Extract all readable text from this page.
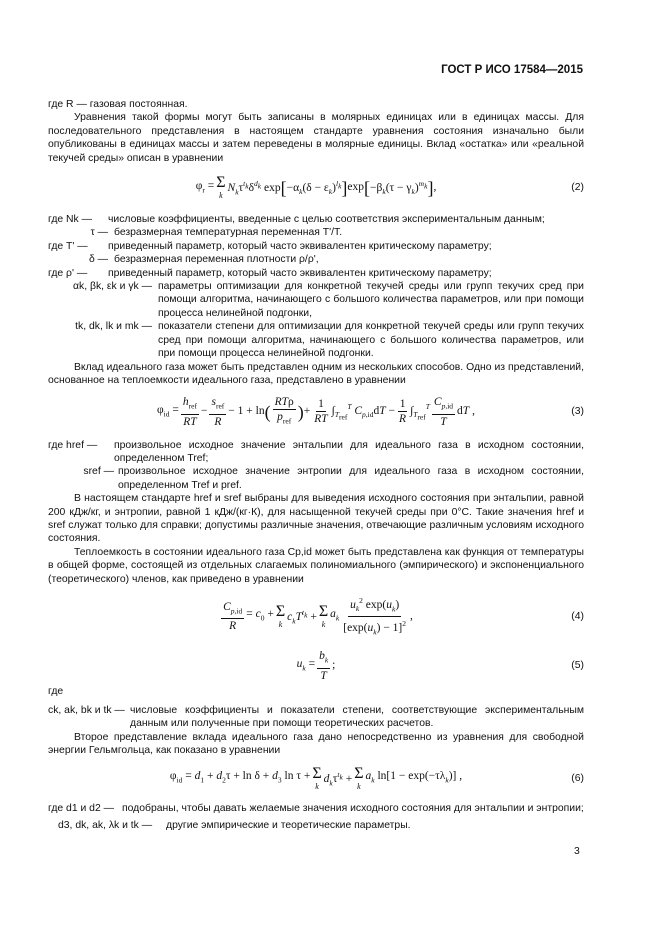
ГОСТ Р ИСО 17584—2015

где R — газовая постоянная.

Уравнения такой формы могут быть записаны в молярных единицах или в единицах массы. Для последовательного представления в настоящем стандарте уравнения состояния изначально были опубликованы в единицах массы и затем переведены в молярные единицы. Вклад «остатка» или «реальной текучей среды» описан в уравнении

$\varphi_r = \Sigma$
k
$N_k\tau^{t_k}\delta^{d_k}$ exp [ $-\alpha_k(\delta - \varepsilon_k)^{l_k}$ ] exp [ $-\beta_k(\tau - \gamma_k)^{m_k}$ ] ,	(2)
где Nk —	числовые коэффициенты, введенные с целью соответствия экспериментальным данным;
τ — безразмерная температурная переменная T'/T.
где T' —	приведенный параметр, который часто эквивалентен критическому параметру;
δ — безразмерная переменная плотности ρ/ρ',
где ρ' —	приведенный параметр, который часто эквивалентен критическому параметру;
αk, βk, εk и γk — параметры оптимизации для конкретной текучей среды или групп текучих сред при помощи алгоритма, начинающего с большого количества параметров, или при помощи процесса нелинейной подгонки,
tk, dk, lk и mk — показатели степени для оптимизации для конкретной текучей среды или групп текучих сред при помощи алгоритма, начинающего с большого количества параметров, или при помощи процесса нелинейной подгонки.

Вклад идеального газа может быть представлен одним из нескольких способов. Одно из представлений, основанное на теплоемкости идеального газа, представлено в уравнении

$\varphi_{id} = \frac{h_{ref}}{RT} - \frac{s_{ref}}{R} - 1 + \ln$ ( $\frac{\text{RTρ}}{p_{ref}}$ ) + $\frac{1}{RT} \int_{T_{ref}}^T$ $C_{p,id}dT - \frac{1}{R} \int_{T_{ref}}^T \frac{C_{p,id}}{T}$ dT ,	(3)
где href —	произвольное исходное значение энтальпии для идеального газа в исходном состоянии, определенном Tref;
sref — произвольное исходное значение энтропии для идеального газа в исходном состоянии, определенном Tref и pref.

В настоящем стандарте href и sref выбраны для выведения исходного состояния при энтальпии, равной 200 кДж/кг, и энтропии, равной 1 кДж/(кг·К), для насыщенной текучей среды при 0°С. Такие значения href и sref служат только для справки; допустимы различные значения, отвечающие различным условиям исходного состояния.

Теплоемкость в состоянии идеального газа Cp,id может быть представлена как функция от температуры в общей форме, состоящей из отдельных слагаемых полиномиального (эмпирического) и экспоненциального (теоретического) членов, как приведено в уравнении

$\frac{C_{p,id}}{R} = c_0 + \Sigma$
k
$c_kT^{t_k} + \Sigma$
k
$a_k \frac{u_k^2 \exp(u_k)}{[\exp(u_k) - 1]^2}$ ,	(4)
$u_k = \frac{b_k}{T}$ ;	(5)

где

ck, ak, bk и tk — числовые коэффициенты и показатели степени, соответствующие экспериментальным данным или полученные при помощи теоретических расчетов.

Второе представление вклада идеального газа дано непосредственно из уравнения для свободной энергии Гельмгольца, как показано в уравнении

$\varphi_{id} = d_1 + d_2\tau + \ln \delta + d_3$ ln τ + Σ
k
$d_k\tau^{t_k} + \Sigma$
k
$a_k$ $\ln[1 - \exp(-\tau\lambda_k)]$ ,	(6)
где d1 и d2 — подобраны, чтобы давать желаемые значения исходного состояния для энтальпии и энтропии;
d3, dk, ak, λk и tk —	другие эмпирические и теоретические параметры.
3
